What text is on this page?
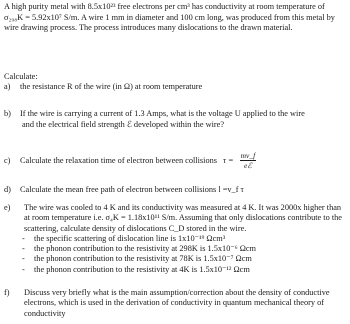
A high purity metal with 8.5x10²³ free electrons per cm³ has conductivity at room temperature of σ₂₉₈K = 5.92x10⁷ S/m. A wire 1 mm in diameter and 100 cm long, was produced from this metal by wire drawing process. The process introduces many dislocations to the drawn material.
Calculate:
a) the resistance R of the wire (in Ω) at room temperature
b) If the wire is carrying a current of 1.3 Amps, what is the voltage U applied to the wire
and the electrical field strength ℰ developed within the wire?
c)	Calculate the relaxation time of electron between collisions $\tau = \frac{mv\_f}{\text{eℰ}}$
d) Calculate the mean free path of electron between collisions l =v_f τ
e)	The wire was cooled to 4 K and its conductivity was measured at 4 K. It was 2000x higher than at room temperature i.e. σ₄K = 1.18x10¹¹ S/m. Assuming that only dislocations contribute to the scattering, calculate density of dislocations C_D stored in the wire.
- the specific scattering of dislocation line is 1x10⁻¹⁹ Ωcm³
- the phonon contribution to the resistivity at 298K is 1.5x10⁻⁶ Ωcm
- the phonon contribution to the resistivity at 78K is 1.5x10⁻⁷ Ωcm
- the phonon contribution to the resistivity at 4K is 1.5x10⁻¹² Ωcm
f)	Discuss very briefly what is the main assumption/correction about the density of conductive electrons, which is used in the derivation of conductivity in quantum mechanical theory of conductivity
